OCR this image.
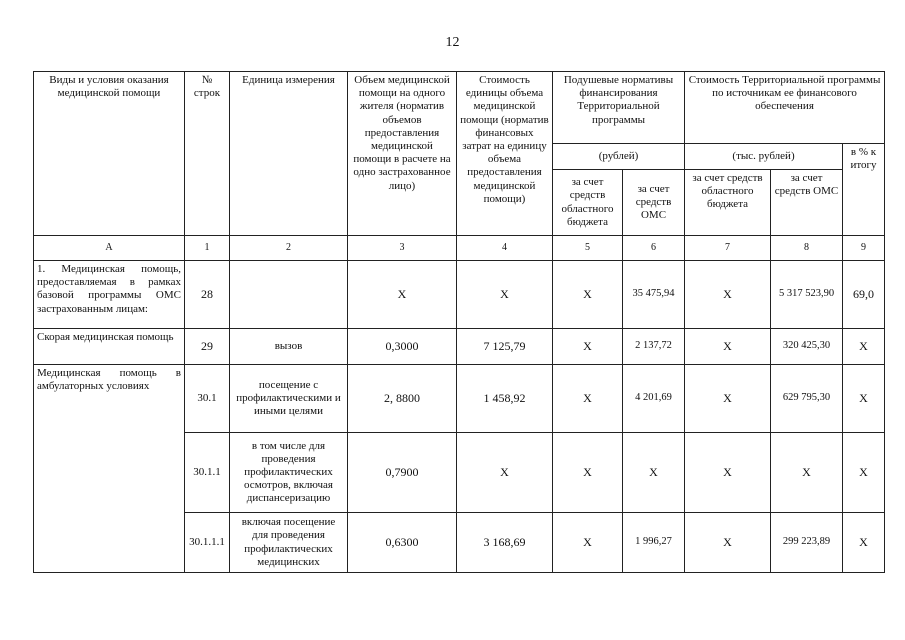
12
Виды и условия оказания медицинской помощи	№ строк	Единица измерения	Объем медицинской помощи на одного жителя (норматив объемов предоставления медицинской помощи в расчете на одно застрахованное лицо)	Стоимость единицы объема медицинской помощи (норматив финансовых затрат на единицу объема предоставления медицинской помощи)	Подушевые нормативы финансирования Территориальной программы		Стоимость Территориальной программы по источникам ее финансового обеспечения		
					(рублей)		(тыс. рублей)		в % к итогу
					за счет средств областного бюджета	за счет средств ОМС	за счет средств областного бюджета	за счет средств ОМС	
А	1	2	3	4	5	6	7	8	9
1. Медицинская помощь, предоставляемая в рамках базовой программы ОМС застрахованным лицам:	28		Х	Х	Х	35 475,94	Х	5 317 523,90	69,0
Скорая медицинская помощь	29	вызов	0,3000	7 125,79	Х	2 137,72	Х	320 425,30	Х
Медицинская помощь в амбулаторных условиях	30.1	посещение с профилактическими и иными целями	2, 8800	1 458,92	Х	4 201,69	Х	629 795,30	Х
	30.1.1	в том числе для проведения профилактических осмотров, включая диспансеризацию	0,7900	Х	Х	Х	Х	Х	Х
	30.1.1.1	включая посещение для проведения профилактических медицинских	0,6300	3 168,69	Х	1 996,27	Х	299 223,89	Х
